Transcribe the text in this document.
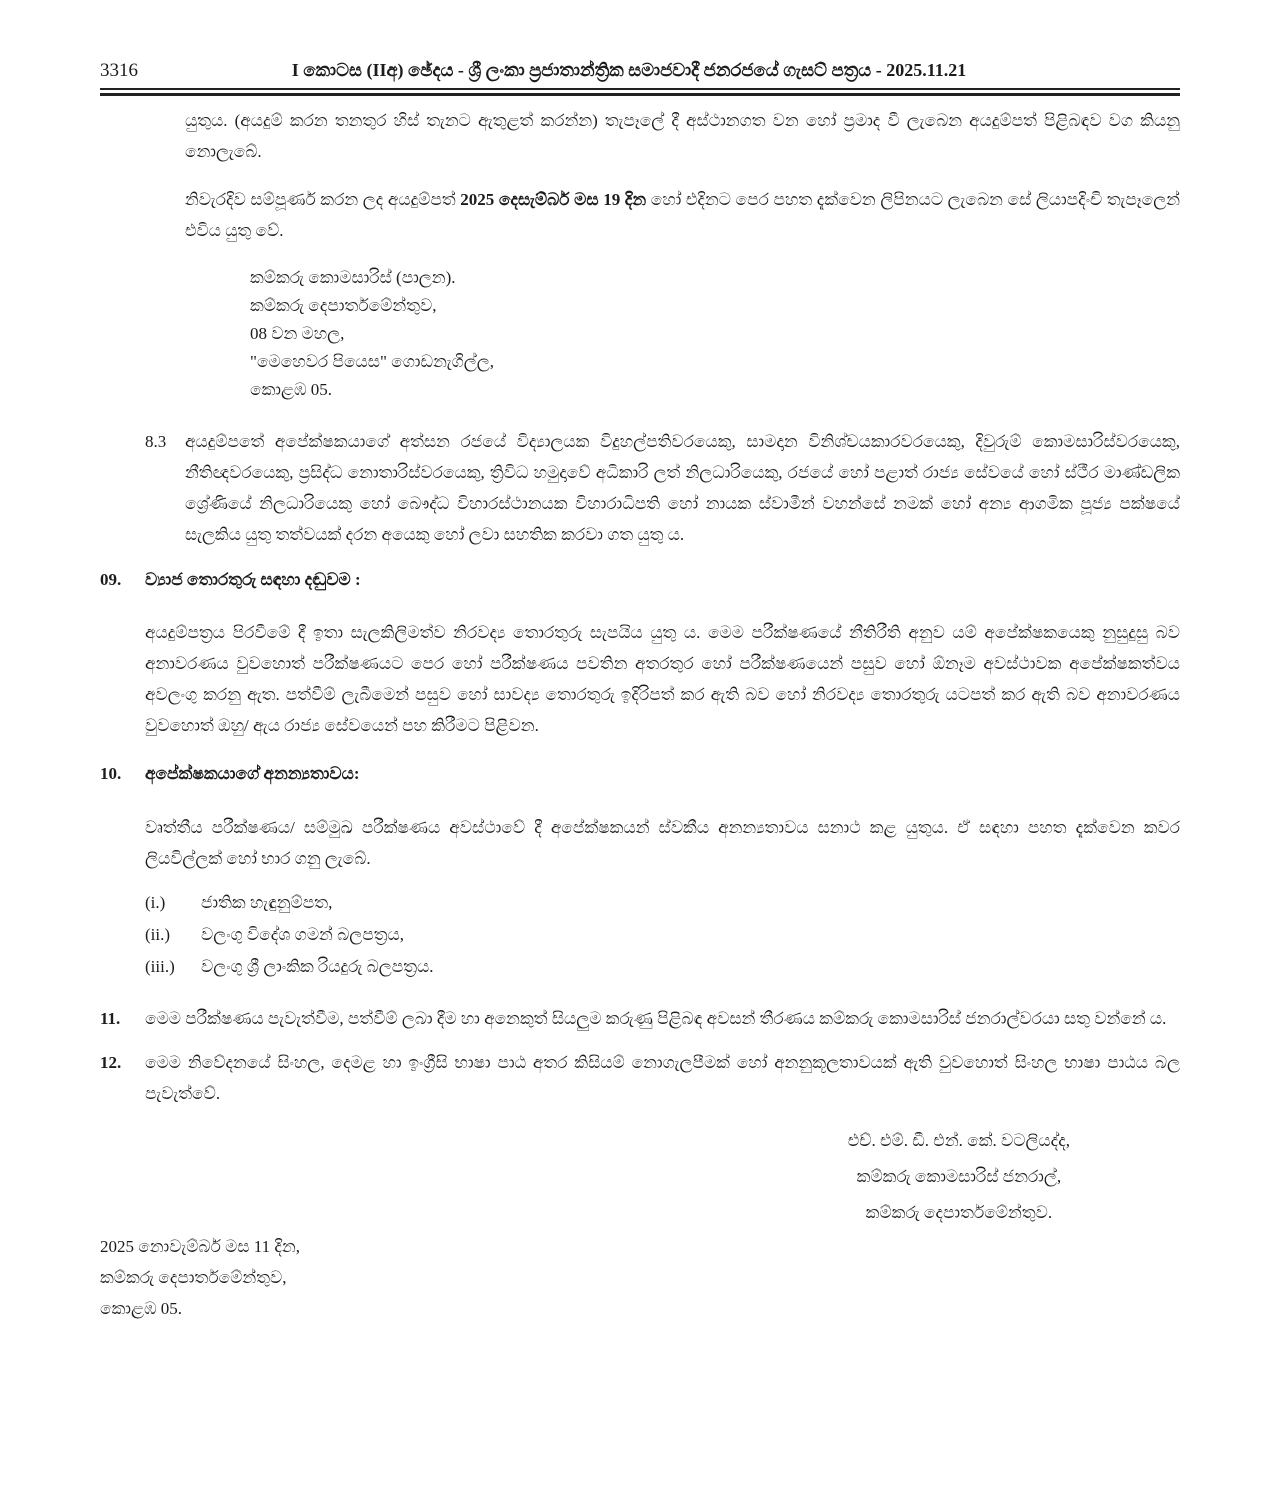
3316	I කොටස (IIඅ) ඡේදය - ශ්‍රී ලංකා ප්‍රජාතාන්ත්‍රික සමාජවාදී ජනරජයේ ගැසට් පත්‍රය - 2025.11.21
යුතුය. (අයදුම් කරන තනතුර හිස් තැනට ඇතුළත් කරන්න) තැපෑලේ දී අස්ථානගත වන හෝ ප්‍රමාද වී ලැබෙන අයදුම්පත් පිළිබඳව වග කියනු නොලැබේ.
නිවැරදිව සම්පූර්ණ කරන ලද අයදුම්පත් 2025 දෙසැම්බර් මස 19 දින හෝ එදිනට පෙර පහත දැක්වෙන ලිපිනයට ලැබෙන සේ ලියාපදිංචි තැපෑලෙන් එවිය යුතු වේ.
කම්කරු කොමසාරිස් (පාලන).
කම්කරු දෙපාර්තමේන්තුව,
08 වන මහල,
"මෙහෙවර පියෙස" ගොඩනැගිල්ල,
කොළඹ 05.
8.3	අයදුම්පතේ අපේක්ෂකයාගේ අත්සන රජයේ විද්‍යාලයක විදුහල්පතිවරයෙකු, සාමදාන විනිශ්චයකාරවරයෙකු, දිවුරුම් කොමසාරිස්වරයෙකු, නීතිඥවරයෙකු, ප්‍රසිද්ධ නොතාරිස්වරයෙකු, ත්‍රිවිධ හමුදාවේ අධිකාරි ලත් නිලධාරියෙකු, රජයේ හෝ පළාත් රාජ්‍ය සේවයේ හෝ ස්ථීර මාණ්ඩලික ශ්‍රේණියේ නිලධාරියෙකු හෝ බෞද්ධ විහාරස්ථානයක විහාරාධිපති හෝ නායක ස්වාමීන් වහන්සේ නමක් හෝ අන්‍ය ආගමික පූජ්‍ය පක්ෂයේ සැලකිය යුතු තත්වයක් දරන අයෙකු හෝ ලවා සහතික කරවා ගත යුතු ය.
09.	ව්‍යාජ තොරතුරු සඳහා දඬුවම :
අයදුම්පත්‍රය පිරවීමේ දී ඉතා සැලකිලිමත්ව නිරවද්‍ය තොරතුරු සැපයිය යුතු ය. මෙම පරීක්ෂණයේ නීතිරීති අනුව යම් අපේක්ෂකයෙකු නුසුදුසු බව අනාවරණය වුවහොත් පරීක්ෂණයට පෙර හෝ පරීක්ෂණය පවතින අතරතුර හෝ පරීක්ෂණයෙන් පසුව හෝ ඕනෑම අවස්ථාවක අපේක්ෂකත්වය අවලංගු කරනු ඇත. පත්වීම් ලැබීමෙන් පසුව හෝ සාවද්‍ය තොරතුරු ඉදිරිපත් කර ඇති බව හෝ නිරවද්‍ය තොරතුරු යටපත් කර ඇති බව අනාවරණය වුවහොත් ඔහු/ ඇය රාජ්‍ය සේවයෙන් පහ කිරීමට පිළිවන.
10.	අපේක්ෂකයාගේ අනන්‍යතාවය:
වෘත්තීය පරීක්ෂණය/ සම්මුඛ පරීක්ෂණය අවස්ථාවේ දී අපේක්ෂකයන් ස්වකීය අනන්‍යතාවය සනාථ කළ යුතුය. ඒ සඳහා පහත දැක්වෙන කවර ලියවිල්ලක් හෝ භාර ගනු ලැබේ.
(i.)	ජාතික හැඳුනුම්පත,
(ii.)	වලංගු විදේශ ගමන් බලපත්‍රය,
(iii.)	වලංගු ශ්‍රී ලාංකික රියදුරු බලපත්‍රය.
11.	මෙම පරීක්ෂණය පැවැත්වීම, පත්වීම් ලබා දීම හා අනෙකුත් සියලුම කරුණු පිළිබඳ අවසන් තීරණය කම්කරු කොමසාරිස් ජනරාල්වරයා සතු වන්නේ ය.
12.	මෙම නිවේදනයේ සිංහල, දෙමළ හා ඉංග්‍රීසි භාෂා පාඨ අතර කිසියම් නොගැලපීමක් හෝ අනනුකූලතාවයක් ඇති වුවහොත් සිංහල භාෂා පාඨය බල පැවැත්වේ.
එච්. එම්. ඩී. එන්. කේ. වටලියද්ද,
කම්කරු කොමසාරිස් ජනරාල්,
කම්කරු දෙපාර්තමේන්තුව.
2025 නොවැම්බර් මස 11 දින,
කම්කරු දෙපාර්තමේන්තුව,
කොළඹ 05.
